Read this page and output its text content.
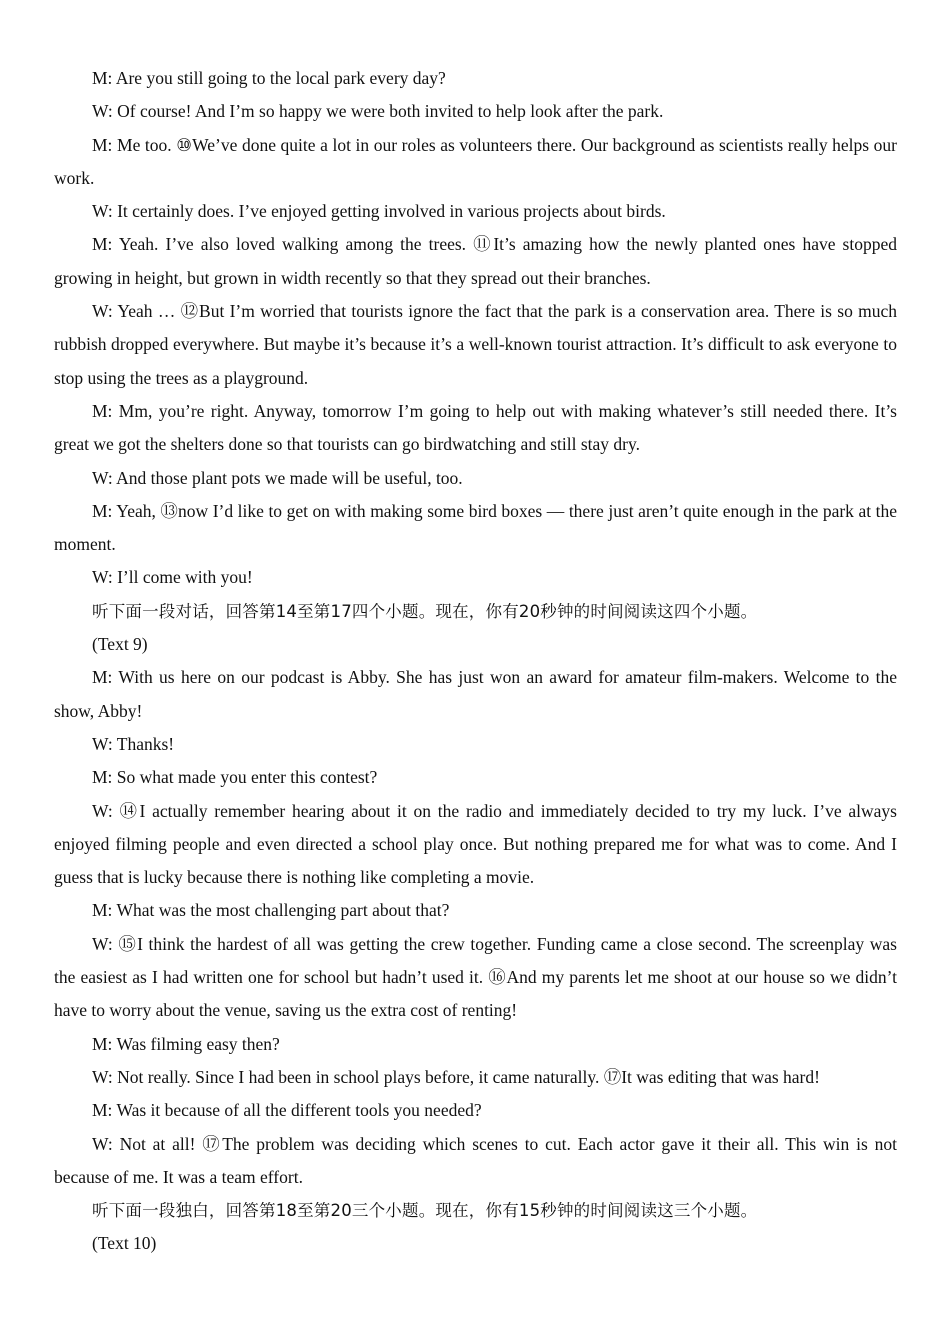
M: Are you still going to the local park every day?

W: Of course! And I’m so happy we were both invited to help look after the park.

M: Me too. ⑩We’ve done quite a lot in our roles as volunteers there. Our background as scientists really helps our work.

W: It certainly does. I’ve enjoyed getting involved in various projects about birds.

M: Yeah. I’ve also loved walking among the trees. ⑪It’s amazing how the newly planted ones have stopped growing in height, but grown in width recently so that they spread out their branches.

W: Yeah … ⑫But I’m worried that tourists ignore the fact that the park is a conservation area. There is so much rubbish dropped everywhere. But maybe it’s because it’s a well-known tourist attraction. It’s difficult to ask everyone to stop using the trees as a playground.

M: Mm, you’re right. Anyway, tomorrow I’m going to help out with making whatever’s still needed there. It’s great we got the shelters done so that tourists can go birdwatching and still stay dry.

W: And those plant pots we made will be useful, too.

M: Yeah, ⑬now I’d like to get on with making some bird boxes — there just aren’t quite enough in the park at the moment.

W: I’ll come with you!

听下面一段对话，回答第14至第17四个小题。现在，你有20秒钟的时间阅读这四个小题。

(Text 9)

M: With us here on our podcast is Abby. She has just won an award for amateur film-makers. Welcome to the show, Abby!

W: Thanks!

M: So what made you enter this contest?

W: ⑭I actually remember hearing about it on the radio and immediately decided to try my luck. I’ve always enjoyed filming people and even directed a school play once. But nothing prepared me for what was to come. And I guess that is lucky because there is nothing like completing a movie.

M: What was the most challenging part about that?

W: ⑮I think the hardest of all was getting the crew together. Funding came a close second. The screenplay was the easiest as I had written one for school but hadn’t used it. ⑯And my parents let me shoot at our house so we didn’t have to worry about the venue, saving us the extra cost of renting!

M: Was filming easy then?

W: Not really. Since I had been in school plays before, it came naturally. ⑰It was editing that was hard!

M: Was it because of all the different tools you needed?

W: Not at all! ⑰The problem was deciding which scenes to cut. Each actor gave it their all. This win is not because of me. It was a team effort.

听下面一段独白，回答第18至第20三个小题。现在，你有15秒钟的时间阅读这三个小题。

(Text 10)
